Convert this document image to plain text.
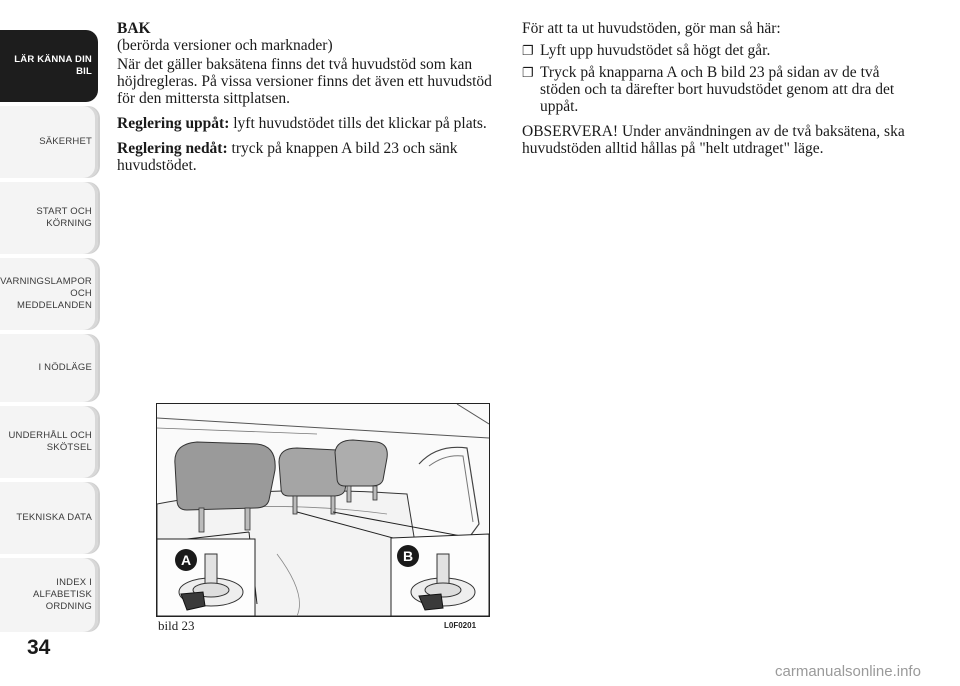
LÄR KÄNNA DIN
BIL
SÄKERHET
START OCH
KÖRNING
VARNINGSLAMPOR
OCH
MEDDELANDEN
I NÖDLÄGE
UNDERHÅLL OCH
SKÖTSEL
TEKNISKA DATA
INDEX I
ALFABETISK
ORDNING
34

BAK
(berörda versioner och marknader)

När det gäller baksätena finns det två huvudstöd som kan höjdregleras. På vissa versioner finns det även ett huvudstöd för den mittersta sittplatsen.

Reglering uppåt: lyft huvudstödet tills det klickar på plats.

Reglering nedåt: tryck på knappen A bild 23 och sänk huvudstödet.

För att ta ut huvudstöden, gör man så här:

❐ Lyft upp huvudstödet så högt det går.
❐ Tryck på knapparna A och B bild 23 på sidan av de två stöden och ta därefter bort huvudstödet genom att dra det uppåt.

OBSERVERA! Under användningen av de två baksätena, ska huvudstöden alltid hållas på "helt utdraget" läge.

A	B
bild 23	L0F0201
carmanualsonline.info
